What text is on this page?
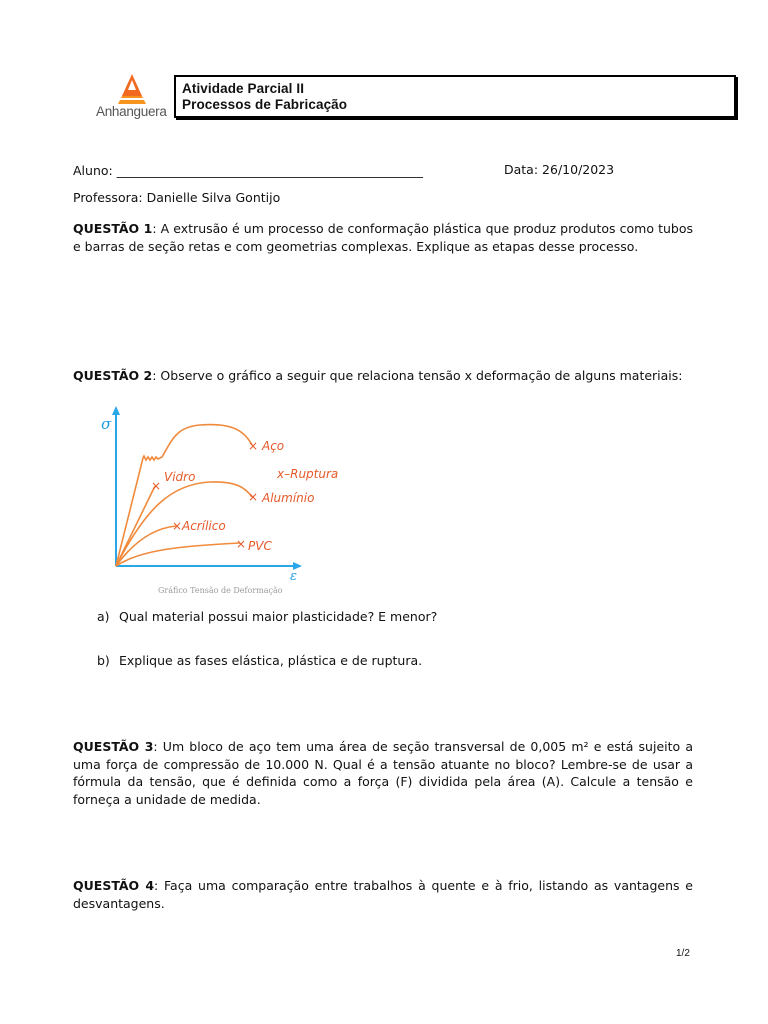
Anhanguera
Atividade Parcial II
Processos de Fabricação
Aluno: _________________________________________________	Data: 26/10/2023
Professora: Danielle Silva Gontijo
QUESTÃO 1: A extrusão é um processo de conformação plástica que produz produtos como tubos e barras de seção retas e com geometrias complexas. Explique as etapas desse processo.
QUESTÃO 2: Observe o gráfico a seguir que relaciona tensão x deformação de alguns materiais:
σ
ε
×
×
×
×
×
Aço
Vidro	x–Ruptura
Alumínio
Acrílico
PVC
Gráfico Tensão de Deformação
a) Qual material possui maior plasticidade? E menor?
b) Explique as fases elástica, plástica e de ruptura.
QUESTÃO 3: Um bloco de aço tem uma área de seção transversal de 0,005 m² e está sujeito a uma força de compressão de 10.000 N. Qual é a tensão atuante no bloco? Lembre-se de usar a fórmula da tensão, que é definida como a força (F) dividida pela área (A). Calcule a tensão e forneça a unidade de medida.
QUESTÃO 4: Faça uma comparação entre trabalhos à quente e à frio, listando as vantagens e desvantagens.
1/2
